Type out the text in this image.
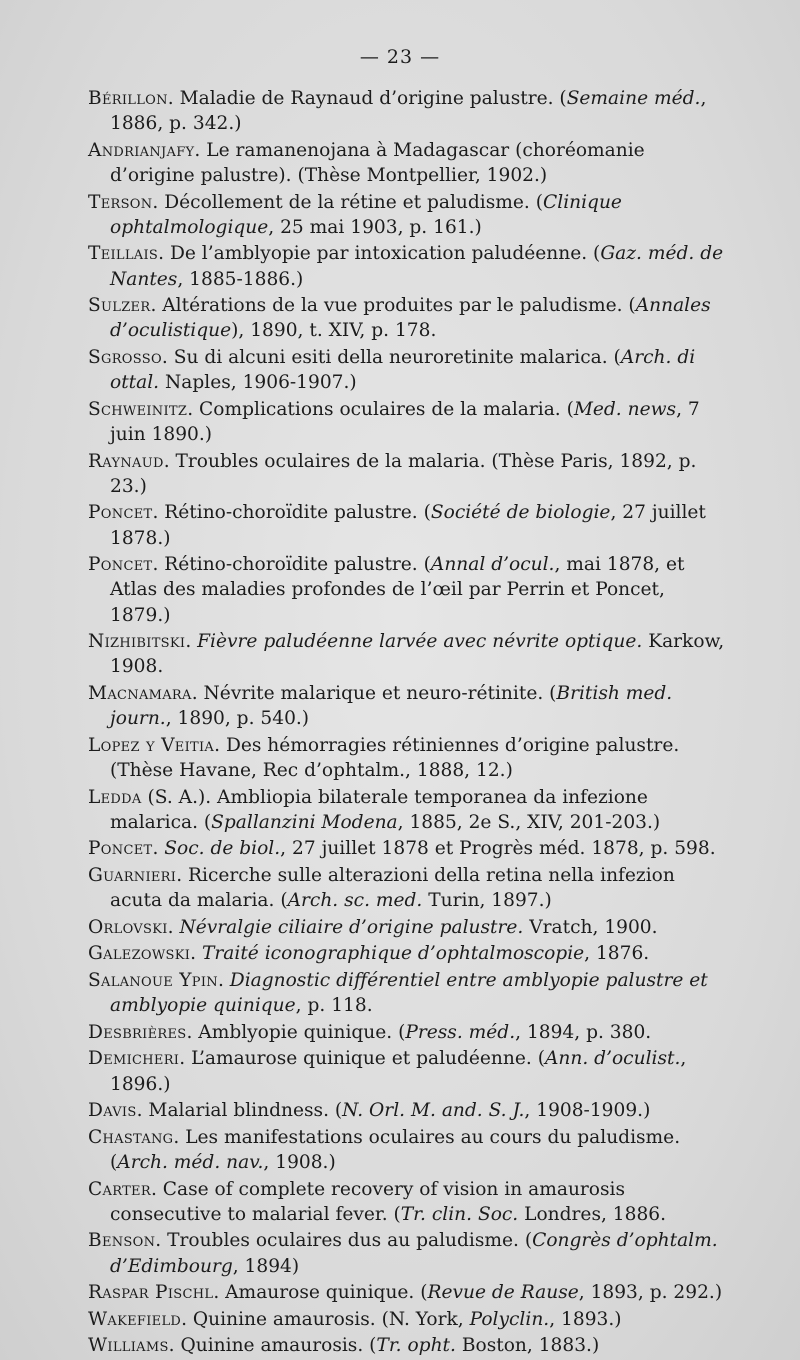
— 23 —
Bérillon. Maladie de Raynaud d’origine palustre. (Semaine méd., 1886, p. 342.)
Andrianjafy. Le ramanenojana à Madagascar (choréomanie d’origine palustre). (Thèse Montpellier, 1902.)
Terson. Décollement de la rétine et paludisme. (Clinique ophtalmologique, 25 mai 1903, p. 161.)
Teillais. De l’amblyopie par intoxication paludéenne. (Gaz. méd. de Nantes, 1885-1886.)
Sulzer. Altérations de la vue produites par le paludisme. (Annales d’oculistique), 1890, t. XIV, p. 178.
Sgrosso. Su di alcuni esiti della neuroretinite malarica. (Arch. di ottal. Naples, 1906-1907.)
Schweinitz. Complications oculaires de la malaria. (Med. news, 7 juin 1890.)
Raynaud. Troubles oculaires de la malaria. (Thèse Paris, 1892, p. 23.)
Poncet. Rétino-choroïdite palustre. (Société de biologie, 27 juillet 1878.)
Poncet. Rétino-choroïdite palustre. (Annal d’ocul., mai 1878, et Atlas des maladies profondes de l’œil par Perrin et Poncet, 1879.)
Nizhibitski. Fièvre paludéenne larvée avec névrite optique. Karkow, 1908.
Macnamara. Névrite malarique et neuro-rétinite. (British med. journ., 1890, p. 540.)
Lopez y Veitia. Des hémorragies rétiniennes d’origine palustre. (Thèse Havane, Rec d’ophtalm., 1888, 12.)
Ledda (S. A.). Ambliopia bilaterale temporanea da infezione malarica. (Spallanzini Modena, 1885, 2e S., XIV, 201-203.)
Poncet. Soc. de biol., 27 juillet 1878 et Progrès méd. 1878, p. 598.
Guarnieri. Ricerche sulle alterazioni della retina nella infezion acuta da malaria. (Arch. sc. med. Turin, 1897.)
Orlovski. Névralgie ciliaire d’origine palustre. Vratch, 1900.
Galezowski. Traité iconographique d’ophtalmoscopie, 1876.
Salanoue Ypin. Diagnostic différentiel entre amblyopie palustre et amblyopie quinique, p. 118.
Desbrières. Amblyopie quinique. (Press. méd., 1894, p. 380.
Demicheri. L’amaurose quinique et paludéenne. (Ann. d’oculist., 1896.)
Davis. Malarial blindness. (N. Orl. M. and. S. J., 1908-1909.)
Chastang. Les manifestations oculaires au cours du paludisme. (Arch. méd. nav., 1908.)
Carter. Case of complete recovery of vision in amaurosis consecutive to malarial fever. (Tr. clin. Soc. Londres, 1886.
Benson. Troubles oculaires dus au paludisme. (Congrès d’ophtalm. d’Edimbourg, 1894)
Raspar Pischl. Amaurose quinique. (Revue de Rause, 1893, p. 292.)
Wakefield. Quinine amaurosis. (N. York, Polyclin., 1893.)
Williams. Quinine amaurosis. (Tr. opht. Boston, 1883.)
